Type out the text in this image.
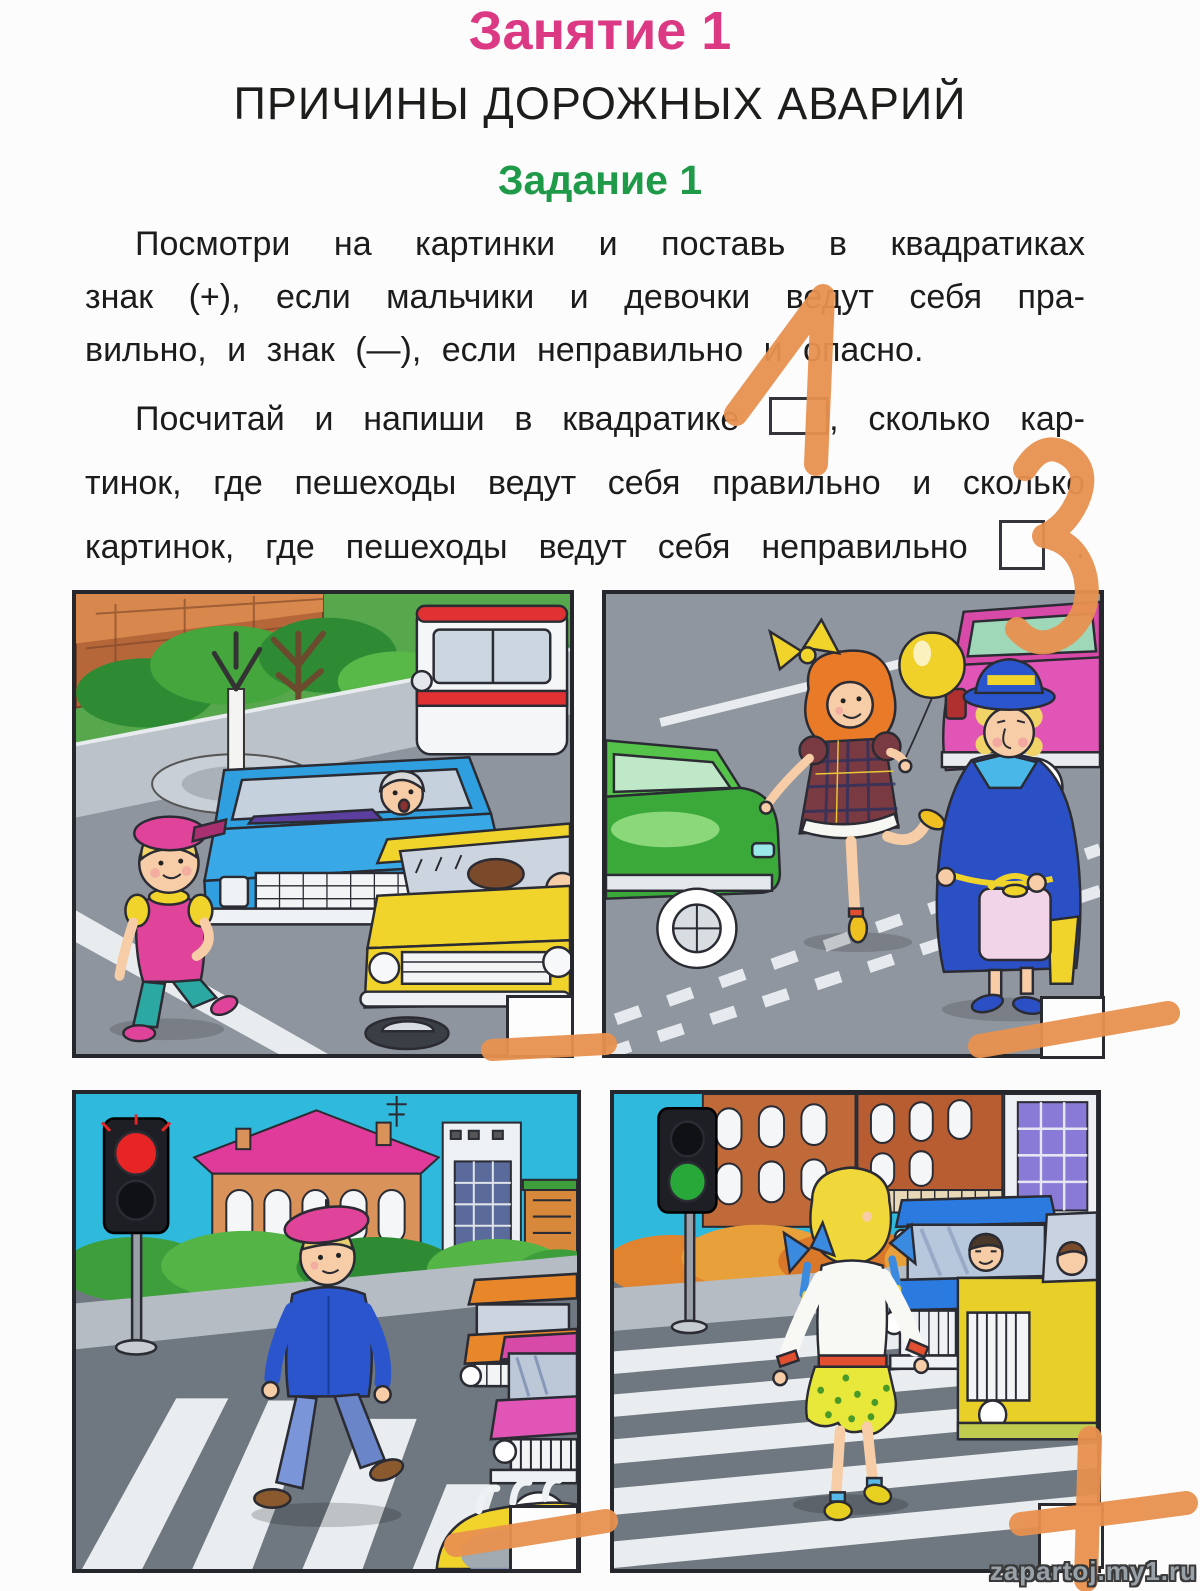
Занятие 1
ПРИЧИНЫ ДОРОЖНЫХ АВАРИЙ
Задание 1
Посмотри на картинки и поставь в квадратиках
знак (+), если мальчики и девочки ведут себя пра-
вильно, и знак (—), если неправильно и опасно.
Посчитай и напиши в квадратике	, сколько кар-
тинок, где пешеходы ведут себя правильно и сколько
картинок, где пешеходы ведут себя неправильно	.
zapartoj.my1.ru
